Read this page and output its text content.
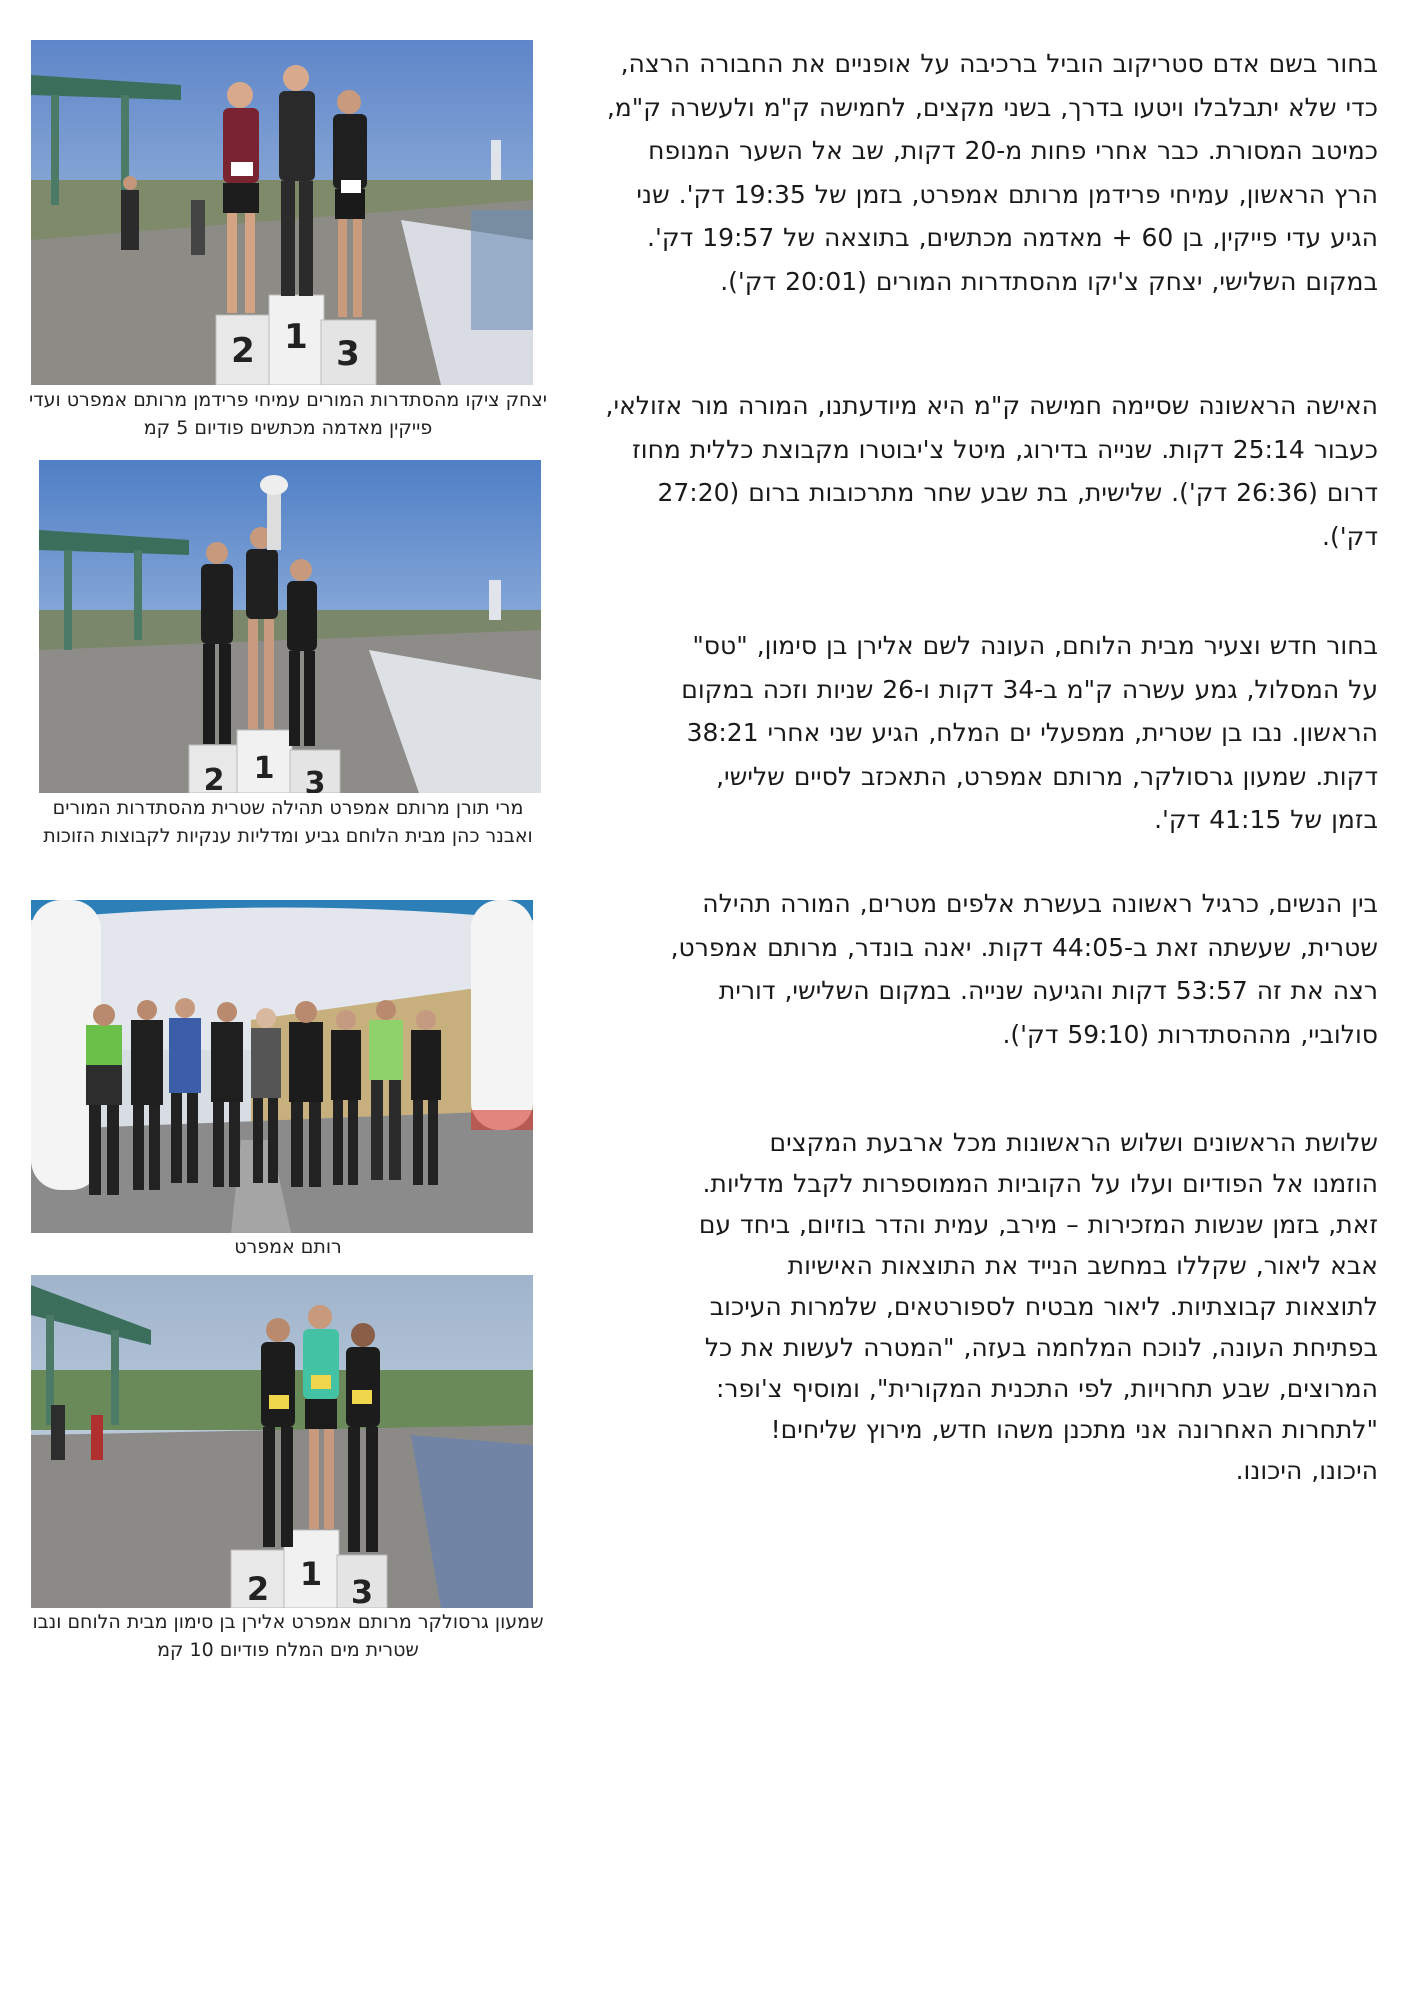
בחור בשם אדם סטריקוב הוביל ברכיבה על אופניים את החבורה הרצה, כדי שלא יתבלבלו ויטעו בדרך, בשני מקצים, לחמישה ק"מ ולעשרה ק"מ, כמיטב המסורת. כבר אחרי פחות מ-20 דקות, שב אל השער המנופח הרץ הראשון, עמיחי פרידמן מרותם אמפרט, בזמן של 19:35 דק'. שני הגיע עדי פייקין, בן 60 + מאדמה מכתשים, בתוצאה של 19:57 דק'. במקום השלישי, יצחק צ'יקו מהסתדרות המורים (20:01 דק').

האישה הראשונה שסיימה חמישה ק"מ היא מיודעתנו, המורה מור אזולאי, כעבור 25:14 דקות. שנייה בדירוג, מיטל צ'יבוטרו מקבוצת כללית מחוז דרום (26:36 דק'). שלישית, בת שבע שחר מתרכובות ברום (27:20 דק').

בחור חדש וצעיר מבית הלוחם, העונה לשם אלירן בן סימון, "טס" על המסלול, גמע עשרה ק"מ ב-34 דקות ו-26 שניות וזכה במקום הראשון. נבו בן שטרית, ממפעלי ים המלח, הגיע שני אחרי 38:21 דקות. שמעון גרסולקר, מרותם אמפרט, התאכזב לסיים שלישי, בזמן של 41:15 דק'.

בין הנשים, כרגיל ראשונה בעשרת אלפים מטרים, המורה תהילה שטרית, שעשתה זאת ב-44:05 דקות. יאנה בונדר, מרותם אמפרט, רצה את זה 53:57 דקות והגיעה שנייה. במקום השלישי, דורית סולוביי, מההסתדרות (59:10 דק').

שלושת הראשונים ושלוש הראשונות מכל ארבעת המקצים הוזמנו אל הפודיום ועלו על הקוביות הממוספרות לקבל מדליות. זאת, בזמן שנשות המזכירות – מירב, עמית והדר בוזיום, ביחד עם אבא ליאור, שקללו במחשב הנייד את התוצאות האישיות לתוצאות קבוצתיות. ליאור מבטיח לספורטאים, שלמרות העיכוב בפתיחת העונה, לנוכח המלחמה בעזה, "המטרה לעשות את כל המרוצים, שבע תחרויות, לפי התכנית המקורית", ומוסיף צ'ופר: "לתחרות האחרונה אני מתכנן משהו חדש, מירוץ שליחים! היכונו, היכונו.

2 1 3
יצחק ציקו מהסתדרות המורים עמיחי פרידמן מרותם אמפרט ועדי פייקין מאדמה מכתשים פודיום 5 קמ
2 1 3
מרי תורן מרותם אמפרט תהילה שטרית מהסתדרות המורים ואבנר כהן מבית הלוחם גביע ומדליות ענקיות לקבוצות הזוכות
רותם אמפרט
2 1 3
שמעון גרסולקר מרותם אמפרט אלירן בן סימון מבית הלוחם ונבו שטרית מים המלח פודיום 10 קמ
